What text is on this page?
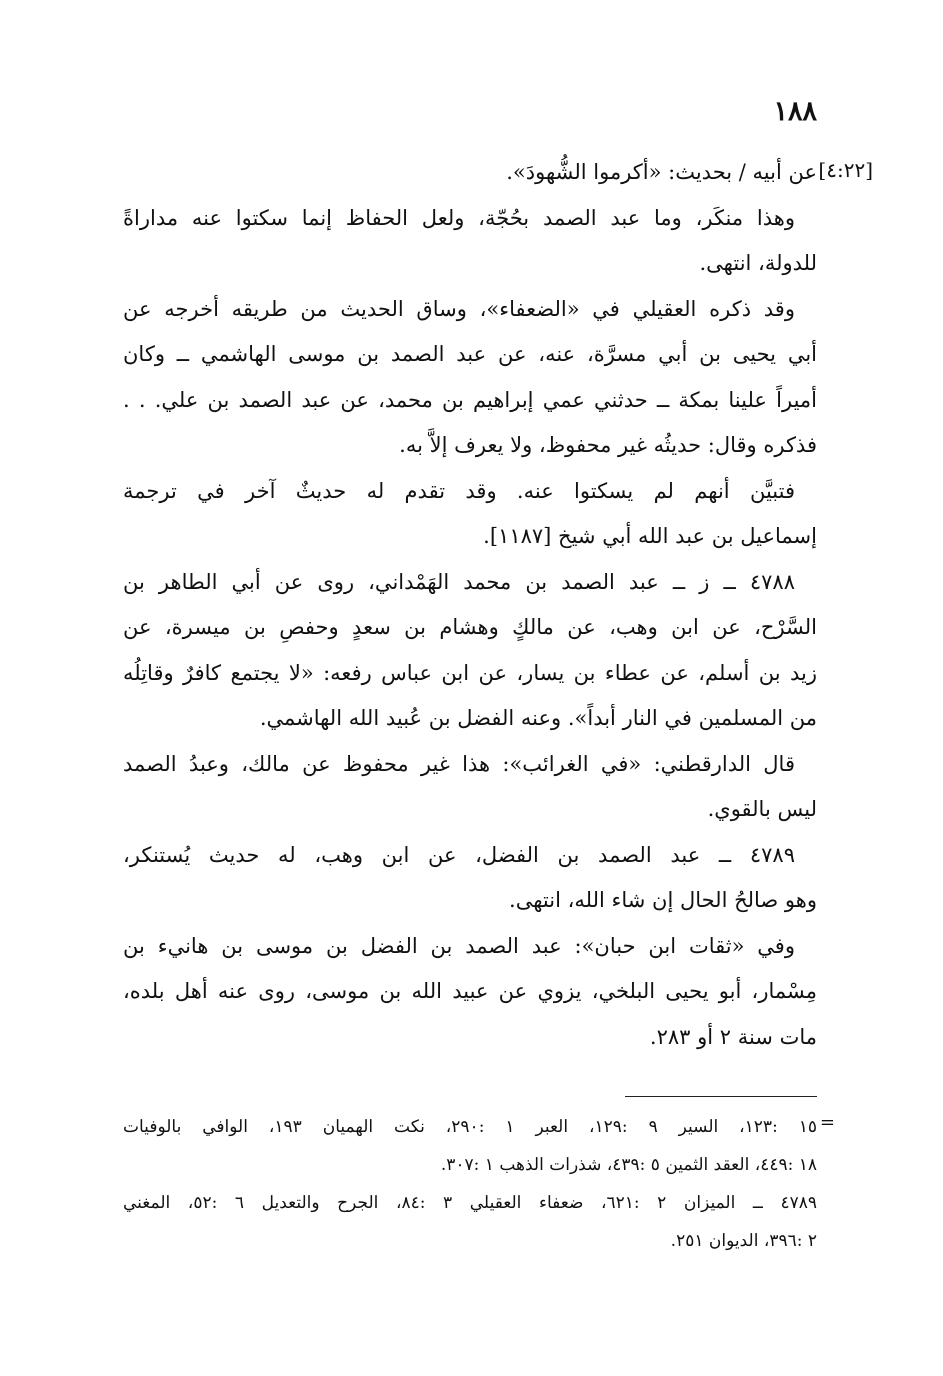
١٨٨
[٤:٢٢]
عن أبيه / بحديث: «أكرموا الشُّهودَ».
وهذا منكَر، وما عبد الصمد بحُجّة، ولعل الحفاظ إنما سكتوا عنه مداراةً
للدولة، انتهى.
وقد ذكره العقيلي في «الضعفاء»، وساق الحديث من طريقه أخرجه عن
أبي يحيى بن أبي مسرَّة، عنه، عن عبد الصمد بن موسى الهاشمي ــ وكان
أميراً علينا بمكة ــ حدثني عمي إبراهيم بن محمد، عن عبد الصمد بن علي. . .
فذكره وقال: حديثُه غير محفوظ، ولا يعرف إلاَّ به.
فتبيَّن أنهم لم يسكتوا عنه. وقد تقدم له حديثٌ آخر في ترجمة
إسماعيل بن عبد الله أبي شيخ [١١٨٧].
٤٧٨٨ ــ ز ــ عبد الصمد بن محمد الهَمْداني، روى عن أبي الطاهر بن
السَّرْح، عن ابن وهب، عن مالكٍ وهشام بن سعدٍ وحفصِ بن ميسرة، عن
زيد بن أسلم، عن عطاء بن يسار، عن ابن عباس رفعه: «لا يجتمع كافرٌ وقاتِلُه
من المسلمين في النار أبداً». وعنه الفضل بن عُبيد الله الهاشمي.
قال الدارقطني: «في الغرائب»: هذا غير محفوظ عن مالك، وعبدُ الصمد
ليس بالقوي.
٤٧٨٩ ــ عبد الصمد بن الفضل، عن ابن وهب، له حديث يُستنكر،
وهو صالحُ الحال إن شاء الله، انتهى.
وفي «ثقات ابن حبان»: عبد الصمد بن الفضل بن موسى بن هانيء بن
مِسْمار، أبو يحيى البلخي، يزوي عن عبيد الله بن موسى، روى عنه أهل بلده،
مات سنة ٢ أو ٢٨٣.
=
١٥ :١٢٣، السير ٩ :١٢٩، العبر ١ :٢٩٠، نكت الهميان ١٩٣، الوافي بالوفيات
١٨ :٤٤٩، العقد الثمين ٥ :٤٣٩، شذرات الذهب ١ :٣٠٧.
٤٧٨٩ ــ الميزان ٢ :٦٢١، ضعفاء العقيلي ٣ :٨٤، الجرح والتعديل ٦ :٥٢، المغني
٢ :٣٩٦، الديوان ٢٥١.
